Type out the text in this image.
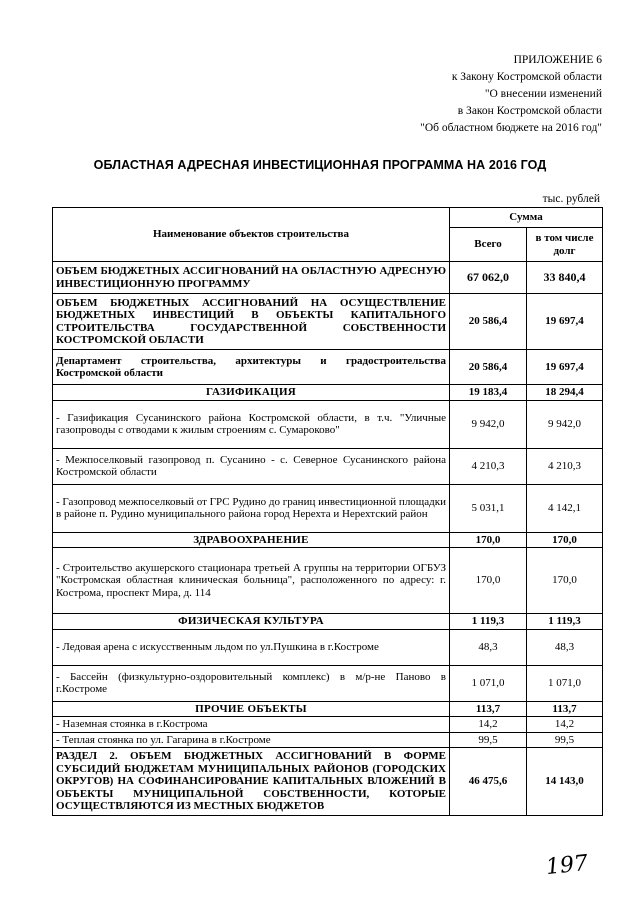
ПРИЛОЖЕНИЕ 6
к Закону Костромской области
"О внесении изменений
в Закон Костромской области
"Об областном бюджете на 2016 год"
ОБЛАСТНАЯ АДРЕСНАЯ ИНВЕСТИЦИОННАЯ ПРОГРАММА НА 2016 ГОД
тыс. рублей
Наименование объектов строительства	Сумма	
	Всего	в том числе долг
ОБЪЕМ БЮДЖЕТНЫХ АССИГНОВАНИЙ НА ОБЛАСТНУЮ АДРЕСНУЮ ИНВЕСТИЦИОННУЮ ПРОГРАММУ	67 062,0	33 840,4
ОБЪЕМ БЮДЖЕТНЫХ АССИГНОВАНИЙ НА ОСУЩЕСТВЛЕНИЕ БЮДЖЕТНЫХ ИНВЕСТИЦИЙ В ОБЪЕКТЫ КАПИТАЛЬНОГО СТРОИТЕЛЬСТВА ГОСУДАРСТВЕННОЙ СОБСТВЕННОСТИ КОСТРОМСКОЙ ОБЛАСТИ	20 586,4	19 697,4
Департамент строительства, архитектуры и градостроительства Костромской области	20 586,4	19 697,4
ГАЗИФИКАЦИЯ	19 183,4	18 294,4
- Газификация Сусанинского района Костромской области, в т.ч. "Уличные газопроводы с отводами к жилым строениям с. Сумароково"	9 942,0	9 942,0
- Межпоселковый газопровод п. Сусанино - с. Северное Сусанинского района Костромской области	4 210,3	4 210,3
- Газопровод межпоселковый от ГРС Рудино до границ инвестиционной площадки в районе п. Рудино муниципального района город Нерехта и Нерехтский район	5 031,1	4 142,1
ЗДРАВООХРАНЕНИЕ	170,0	170,0
- Строительство акушерского стационара третьей А группы на территории ОГБУЗ "Костромская областная клиническая больница", расположенного по адресу: г. Кострома, проспект Мира, д. 114	170,0	170,0
ФИЗИЧЕСКАЯ КУЛЬТУРА	1 119,3	1 119,3
- Ледовая арена с искусственным льдом по ул.Пушкина в г.Костроме	48,3	48,3
- Бассейн (физкультурно-оздоровительный комплекс) в м/р-не Паново в г.Костроме	1 071,0	1 071,0
ПРОЧИЕ ОБЪЕКТЫ	113,7	113,7
- Наземная стоянка в г.Кострома	14,2	14,2
- Теплая стоянка по ул. Гагарина в г.Костроме	99,5	99,5
РАЗДЕЛ 2. ОБЪЕМ БЮДЖЕТНЫХ АССИГНОВАНИЙ В ФОРМЕ СУБСИДИЙ БЮДЖЕТАМ МУНИЦИПАЛЬНЫХ РАЙОНОВ (ГОРОДСКИХ ОКРУГОВ) НА СОФИНАНСИРОВАНИЕ КАПИТАЛЬНЫХ ВЛОЖЕНИЙ В ОБЪЕКТЫ МУНИЦИПАЛЬНОЙ СОБСТВЕННОСТИ, КОТОРЫЕ ОСУЩЕСТВЛЯЮТСЯ ИЗ МЕСТНЫХ БЮДЖЕТОВ	46 475,6	14 143,0
197
